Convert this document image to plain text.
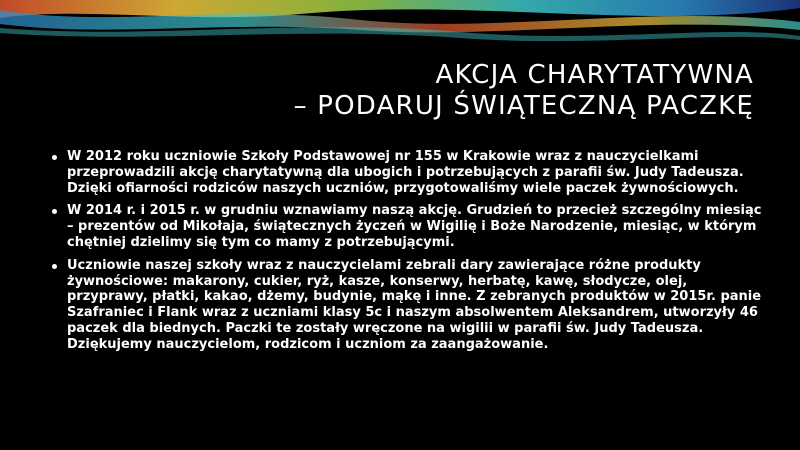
AKCJA CHARYTATYWNA
– PODARUJ ŚWIĄTECZNĄ PACZKĘ
W 2012 roku uczniowie Szkoły Podstawowej nr 155 w Krakowie wraz z nauczycielkami przeprowadzili akcję charytatywną dla ubogich i potrzebujących z parafii św. Judy Tadeusza. Dzięki ofiarności rodziców naszych uczniów, przygotowaliśmy wiele paczek żywnościowych.
W 2014 r. i 2015 r. w grudniu wznawiamy naszą akcję. Grudzień to przecież szczególny miesiąc – prezentów od Mikołaja, świątecznych życzeń w Wigilię i Boże Narodzenie, miesiąc, w którym chętniej dzielimy się tym co mamy z potrzebującymi.
Uczniowie naszej szkoły wraz z nauczycielami zebrali dary zawierające różne produkty żywnościowe: makarony, cukier, ryż, kasze, konserwy, herbatę, kawę, słodycze, olej, przyprawy, płatki, kakao, dżemy, budynie, mąkę i inne. Z zebranych produktów w 2015r. panie Szafraniec i Flank wraz z uczniami klasy 5c i naszym absolwentem Aleksandrem, utworzyły 46 paczek dla biednych. Paczki te zostały wręczone na wigilii w parafii św. Judy Tadeusza. Dziękujemy nauczycielom, rodzicom i uczniom za zaangażowanie.
